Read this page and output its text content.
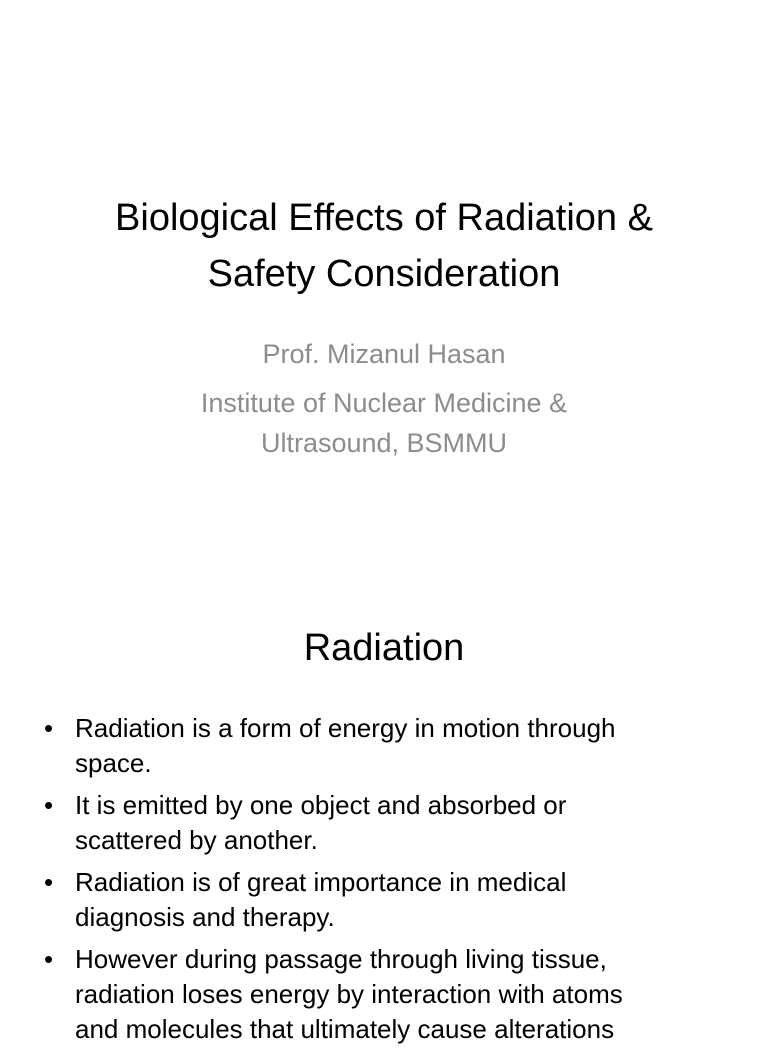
Biological Effects of Radiation &
Safety Consideration
Prof. Mizanul Hasan
Institute of Nuclear Medicine &
Ultrasound, BSMMU
Radiation
• Radiation is a form of energy in motion through
space.
• It is emitted by one object and absorbed or
scattered by another.
• Radiation is of great importance in medical
diagnosis and therapy.
• However during passage through living tissue,
radiation loses energy by interaction with atoms
and molecules that ultimately cause alterations
